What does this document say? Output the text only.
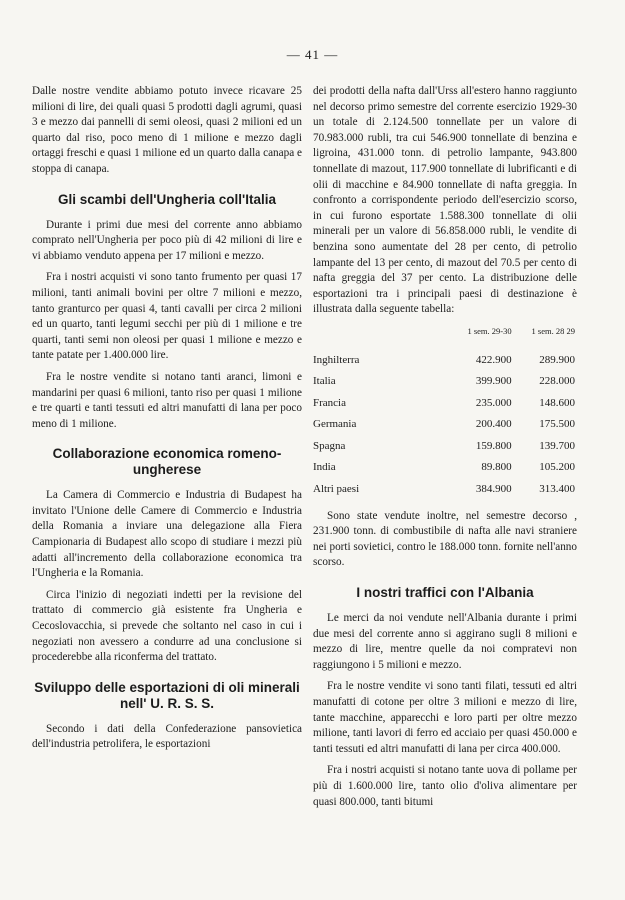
— 41 —

Dalle nostre vendite abbiamo potuto invece ricavare 25 milioni di lire, dei quali quasi 5 prodotti dagli agrumi, quasi 3 e mezzo dai pannelli di semi oleosi, quasi 2 milioni ed un quarto dal riso, poco meno di 1 milione e mezzo dagli ortaggi freschi e quasi 1 milione ed un quarto dalla canapa e stoppa di canapa.

Gli scambi dell'Ungheria coll'Italia

Durante i primi due mesi del corrente anno abbiamo comprato nell'Ungheria per poco più di 42 milioni di lire e vi abbiamo venduto appena per 17 milioni e mezzo.

Fra i nostri acquisti vi sono tanto frumento per quasi 17 milioni, tanti animali bovini per oltre 7 milioni e mezzo, tanto granturco per quasi 4, tanti cavalli per circa 2 milioni ed un quarto, tanti legumi secchi per più di 1 milione e tre quarti, tanti semi non oleosi per quasi 1 milione e mezzo e tante patate per 1.400.000 lire.

Fra le nostre vendite si notano tanti aranci, limoni e mandarini per quasi 6 milioni, tanto riso per quasi 1 milione e tre quarti e tanti tessuti ed altri manufatti di lana per poco meno di 1 milione.

Collaborazione economica romeno-ungherese

La Camera di Commercio e Industria di Budapest ha invitato l'Unione delle Camere di Commercio e Industria della Romania a inviare una delegazione alla Fiera Campionaria di Budapest allo scopo di studiare i mezzi più adatti all'incremento della collaborazione economica tra l'Ungheria e la Romania.

Circa l'inizio di negoziati indetti per la revisione del trattato di commercio già esistente fra Ungheria e Cecoslovacchia, si prevede che soltanto nel caso in cui i negoziati non avessero a condurre ad una conclusione si procederebbe alla riconferma del trattato.

Sviluppo delle esportazioni di oli minerali nell' U. R. S. S.

Secondo i dati della Confederazione pansovietica dell'industria petrolifera, le esportazioni

dei prodotti della nafta dall'Urss all'estero hanno raggiunto nel decorso primo semestre del corrente esercizio 1929-30 un totale di 2.124.500 tonnellate per un valore di 70.983.000 rubli, tra cui 546.900 tonnellate di benzina e ligroina, 431.000 tonn. di petrolio lampante, 943.800 tonnellate di mazout, 117.900 tonnellate di lubrificanti e di olii di macchine e 84.900 tonnellate di nafta greggia. In confronto a corrispondente periodo dell'esercizio scorso, in cui furono esportate 1.588.300 tonnellate di olii minerali per un valore di 56.858.000 rubli, le vendite di benzina sono aumentate del 28 per cento, di petrolio lampante del 13 per cento, di mazout del 70.5 per cento di nafta greggia del 37 per cento. La distribuzione delle esportazioni tra i principali paesi di destinazione è illustrata dalla seguente tabella:

	1 sem. 29-30	1 sem. 28 29
Inghilterra	422.900	289.900
Italia	399.900	228.000
Francia	235.000	148.600
Germania	200.400	175.500
Spagna	159.800	139.700
India	89.800	105.200
Altri paesi	384.900	313.400

Sono state vendute inoltre, nel semestre decorso , 231.900 tonn. di combustibile di nafta alle navi straniere nei porti sovietici, contro le 188.000 tonn. fornite nell'anno scorso.

I nostri traffici con l'Albania

Le merci da noi vendute nell'Albania durante i primi due mesi del corrente anno si aggirano sugli 8 milioni e mezzo di lire, mentre quelle da noi compratevi non raggiungono i 5 milioni e mezzo.

Fra le nostre vendite vi sono tanti filati, tessuti ed altri manufatti di cotone per oltre 3 milioni e mezzo di lire, tante macchine, apparecchi e loro parti per oltre mezzo milione, tanti lavori di ferro ed acciaio per quasi 450.000 e tanti tessuti ed altri manufatti di lana per circa 400.000.

Fra i nostri acquisti si notano tante uova di pollame per più di 1.600.000 lire, tanto olio d'oliva alimentare per quasi 800.000, tanti bitumi
